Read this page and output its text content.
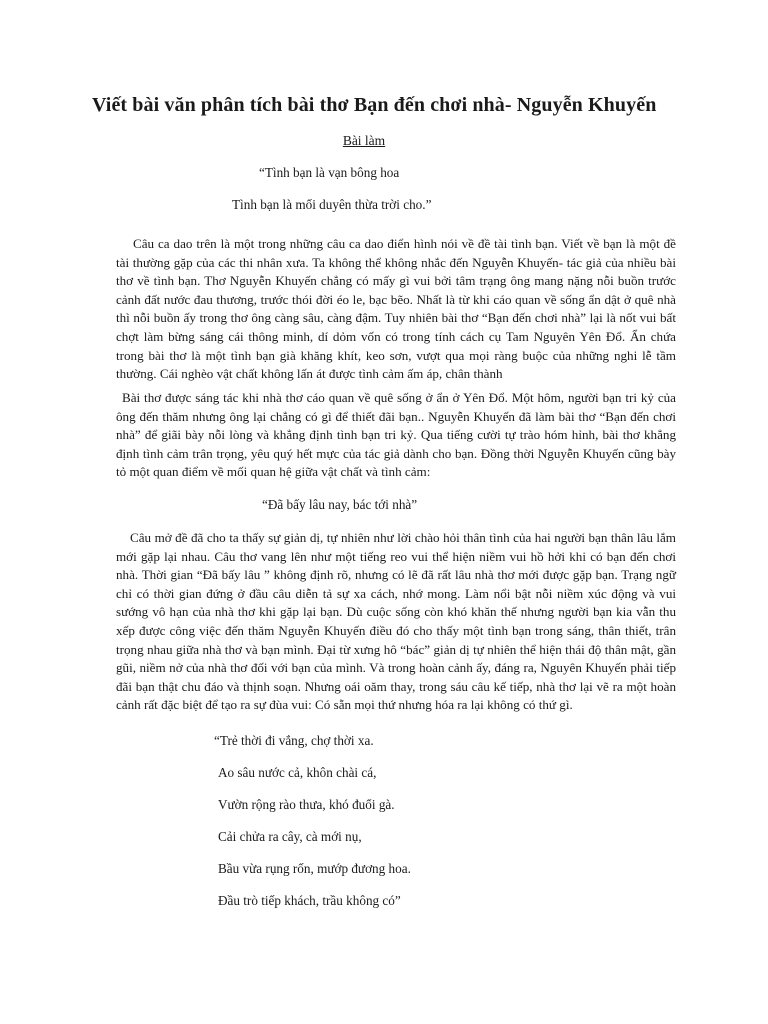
Viết bài văn phân tích bài thơ Bạn đến chơi nhà- Nguyễn Khuyến
Bài làm
“Tình bạn là vạn bông hoa
Tình bạn là mối duyên thừa trời cho.”
Câu ca dao trên là một trong những câu ca dao điển hình nói về đề tài tình bạn. Viết về bạn là một đề tài thường gặp của các thi nhân xưa. Ta không thể không nhắc đến Nguyễn Khuyến- tác giả của nhiều bài thơ về tình bạn. Thơ Nguyễn Khuyến chẳng có mấy gì vui bởi tâm trạng ông mang nặng nỗi buồn trước cảnh đất nước đau thương, trước thói đời éo le, bạc bẽo. Nhất là từ khi cáo quan về sống ẩn dật ở quê nhà thì nỗi buồn ấy trong thơ ông càng sâu, càng đậm. Tuy nhiên bài thơ “Bạn đến chơi nhà” lại là nốt vui bất chợt làm bừng sáng cái thông minh, dí dỏm vốn có trong tính cách cụ Tam Nguyên Yên Đổ. Ẩn chứa trong bài thơ là một tình bạn già khăng khít, keo sơn, vượt qua mọi ràng buộc của những nghi lễ tầm thường. Cái nghèo vật chất không lấn át được tình cảm ấm áp, chân thành
Bài thơ được sáng tác khi nhà thơ cáo quan về quê sống ở ẩn ở Yên Đổ. Một hôm, người bạn tri kỷ của ông đến thăm nhưng ông lại chẳng có gì để thiết đãi bạn.. Nguyễn Khuyến đã làm bài thơ “Bạn đến chơi nhà” để giãi bày nỗi lòng và khẳng định tình bạn tri kỷ. Qua tiếng cười tự trào hóm hỉnh, bài thơ khẳng định tình cảm trân trọng, yêu quý hết mực của tác giả dành cho bạn. Đồng thời Nguyễn Khuyến cũng bày tỏ một quan điểm về mối quan hệ giữa vật chất và tình cảm:
“Đã bấy lâu nay, bác tới nhà”
Câu mở đề đã cho ta thấy sự giản dị, tự nhiên như lời chào hỏi thân tình của hai người bạn thân lâu lắm mới gặp lại nhau. Câu thơ vang lên như một tiếng reo vui thể hiện niềm vui hồ hởi khi có bạn đến chơi nhà. Thời gian “Đã bấy lâu ” không định rõ, nhưng có lẽ đã rất lâu nhà thơ mới được gặp bạn. Trạng ngữ chỉ có thời gian đứng ở đầu câu diễn tả sự xa cách, nhớ mong. Làm nổi bật nỗi niềm xúc động và vui sướng vô hạn của nhà thơ khi gặp lại bạn. Dù cuộc sống còn khó khăn thế nhưng người bạn kia vẫn thu xếp được công việc đến thăm Nguyễn Khuyến điều đó cho thấy một tình bạn trong sáng, thân thiết, trân trọng nhau giữa nhà thơ và bạn mình. Đại từ xưng hô “bác” giản dị tự nhiên thể hiện thái độ thân mật, gần gũi, niềm nở của nhà thơ đối với bạn của mình. Và trong hoàn cảnh ấy, đáng ra, Nguyên Khuyến phải tiếp đãi bạn thật chu đáo và thịnh soạn. Nhưng oái oăm thay, trong sáu câu kế tiếp, nhà thơ lại vẽ ra một hoàn cảnh rất đặc biệt để tạo ra sự đùa vui: Có sẵn mọi thứ nhưng hóa ra lại không có thứ gì.
“Trẻ thời đi vắng, chợ thời xa.
Ao sâu nước cả, khôn chài cá,
Vườn rộng rào thưa, khó đuổi gà.
Cải chửa ra cây, cà mới nụ,
Bầu vừa rụng rốn, mướp đương hoa.
Đầu trò tiếp khách, trầu không có”
